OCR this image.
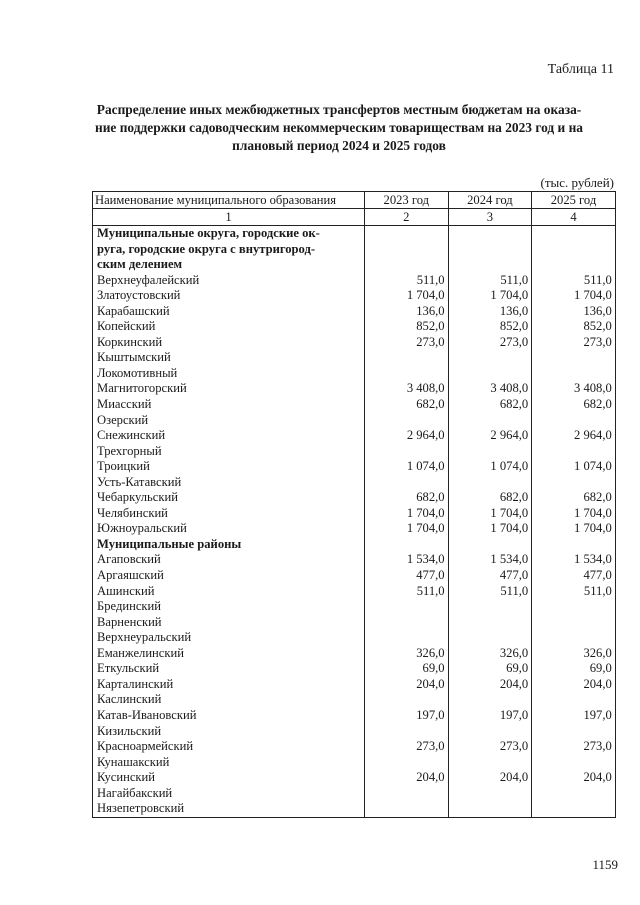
Таблица 11
Распределение иных межбюджетных трансфертов местным бюджетам на оказа-
ние поддержки садоводческим некоммерческим товариществам на 2023 год и на
плановый период 2024 и 2025 годов
(тыс. рублей)
Наименование муниципального образования	2023 год	2024 год	2025 год
1	2	3	4

Муниципальные округа, городские ок-
руга, городские округа с внутригород-
ским делением			

Верхнеуфалейский	511,0	511,0	511,0
Златоустовский	1 704,0	1 704,0	1 704,0
Карабашский	136,0	136,0	136,0
Копейский	852,0	852,0	852,0
Коркинский	273,0	273,0	273,0
Кыштымский			
Локомотивный			
Магнитогорский	3 408,0	3 408,0	3 408,0
Миасский	682,0	682,0	682,0
Озерский			
Снежинский	2 964,0	2 964,0	2 964,0
Трехгорный			
Троицкий	1 074,0	1 074,0	1 074,0
Усть-Катавский			
Чебаркульский	682,0	682,0	682,0
Челябинский	1 704,0	1 704,0	1 704,0
Южноуральский	1 704,0	1 704,0	1 704,0

Муниципальные районы			

Агаповский	1 534,0	1 534,0	1 534,0
Аргаяшский	477,0	477,0	477,0
Ашинский	511,0	511,0	511,0
Брединский			
Варненский			
Верхнеуральский			
Еманжелинский	326,0	326,0	326,0
Еткульский	69,0	69,0	69,0
Карталинский	204,0	204,0	204,0
Каслинский			
Катав-Ивановский	197,0	197,0	197,0
Кизильский			
Красноармейский	273,0	273,0	273,0
Кунашакский			
Кусинский	204,0	204,0	204,0
Нагайбакский			
Нязепетровский			
1159
